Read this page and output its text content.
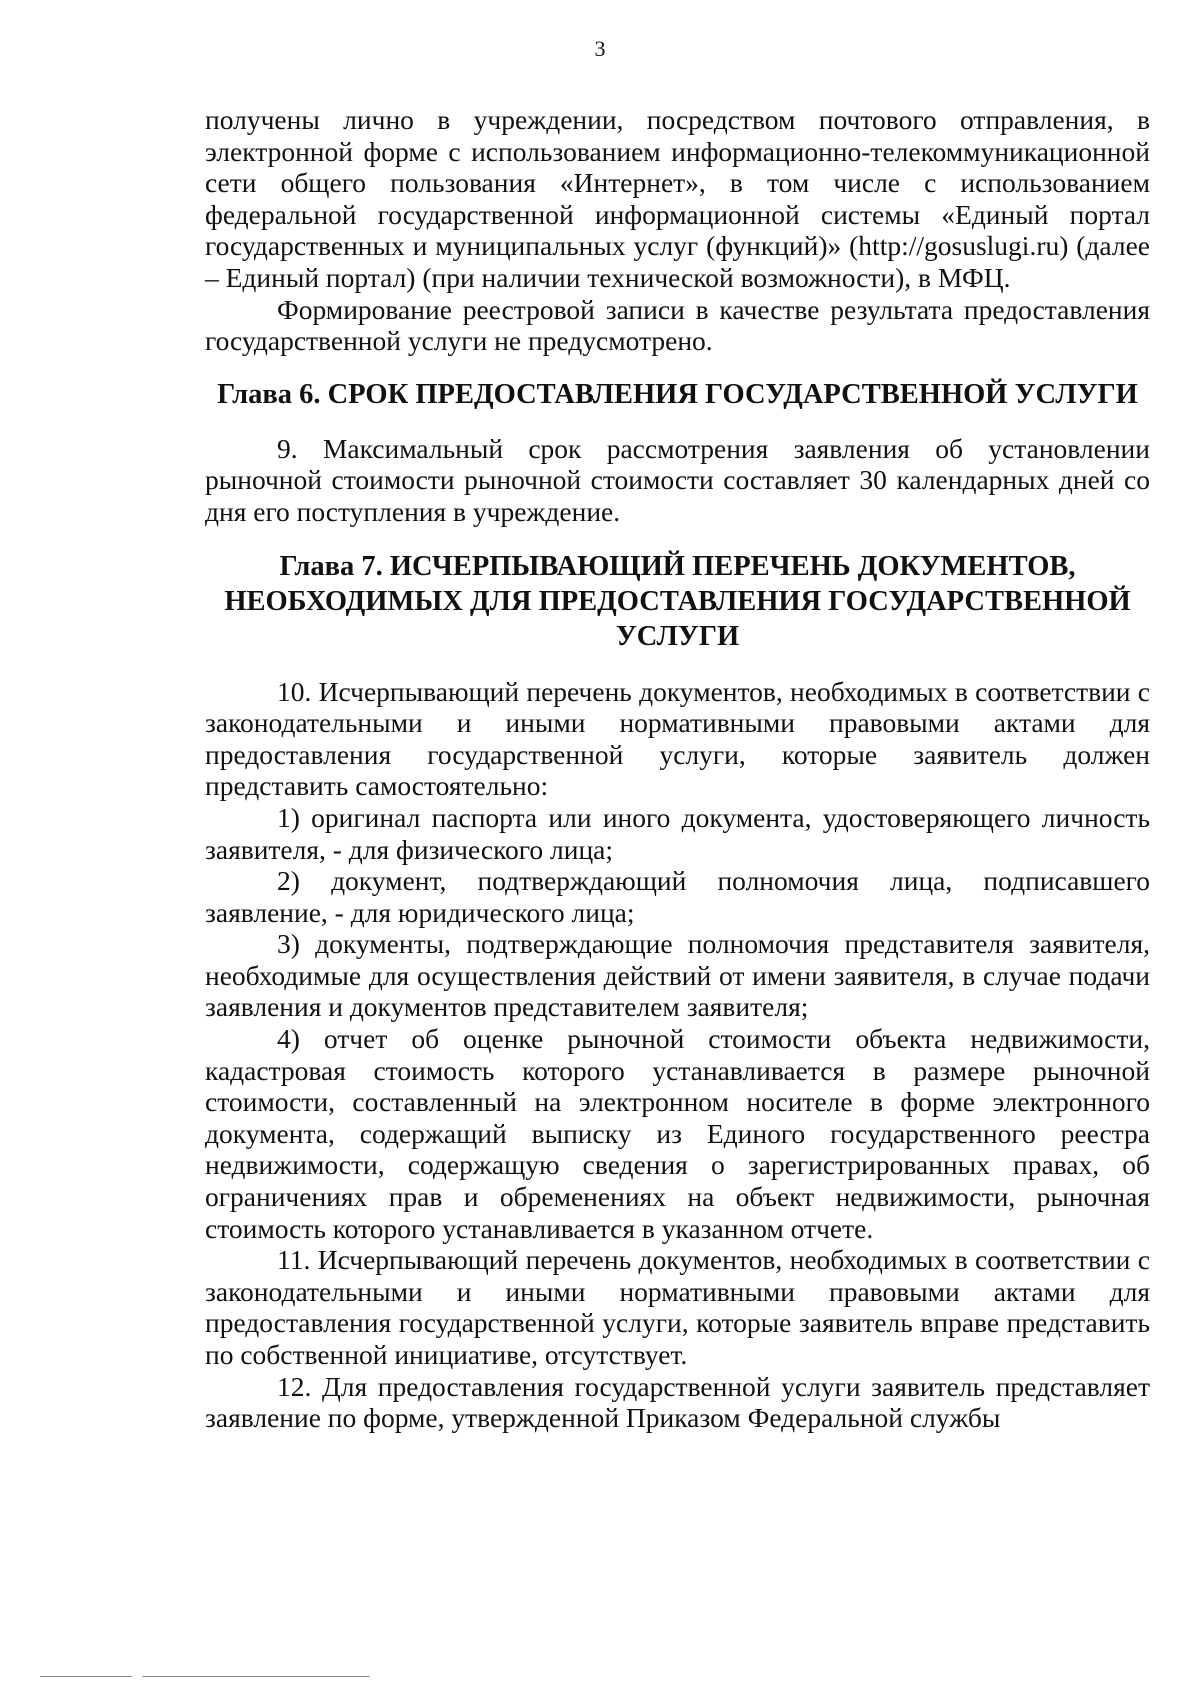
3

получены лично в учреждении, посредством почтового отправления, в электронной форме с использованием информационно-телекоммуникационной сети общего пользования «Интернет», в том числе с использованием федеральной государственной информационной системы «Единый портал государственных и муниципальных услуг (функций)» (http://gosuslugi.ru) (далее – Единый портал) (при наличии технической возможности), в МФЦ.

Формирование реестровой записи в качестве результата предоставления государственной услуги не предусмотрено.

Глава 6. СРОК ПРЕДОСТАВЛЕНИЯ ГОСУДАРСТВЕННОЙ УСЛУГИ

9. Максимальный срок рассмотрения заявления об установлении рыночной стоимости рыночной стоимости составляет 30 календарных дней со дня его поступления в учреждение.

Глава 7. ИСЧЕРПЫВАЮЩИЙ ПЕРЕЧЕНЬ ДОКУМЕНТОВ,
НЕОБХОДИМЫХ ДЛЯ ПРЕДОСТАВЛЕНИЯ ГОСУДАРСТВЕННОЙ
УСЛУГИ

10. Исчерпывающий перечень документов, необходимых в соответствии с законодательными и иными нормативными правовыми актами для предоставления государственной услуги, которые заявитель должен представить самостоятельно:

1) оригинал паспорта или иного документа, удостоверяющего личность заявителя, - для физического лица;

2) документ, подтверждающий полномочия лица, подписавшего заявление, - для юридического лица;

3) документы, подтверждающие полномочия представителя заявителя, необходимые для осуществления действий от имени заявителя, в случае подачи заявления и документов представителем заявителя;

4) отчет об оценке рыночной стоимости объекта недвижимости, кадастровая стоимость которого устанавливается в размере рыночной стоимости, составленный на электронном носителе в форме электронного документа, содержащий выписку из Единого государственного реестра недвижимости, содержащую сведения о зарегистрированных правах, об ограничениях прав и обременениях на объект недвижимости, рыночная стоимость которого устанавливается в указанном отчете.

11. Исчерпывающий перечень документов, необходимых в соответствии с законодательными и иными нормативными правовыми актами для предоставления государственной услуги, которые заявитель вправе представить по собственной инициативе, отсутствует.

12. Для предоставления государственной услуги заявитель представляет заявление по форме, утвержденной Приказом Федеральной службы
